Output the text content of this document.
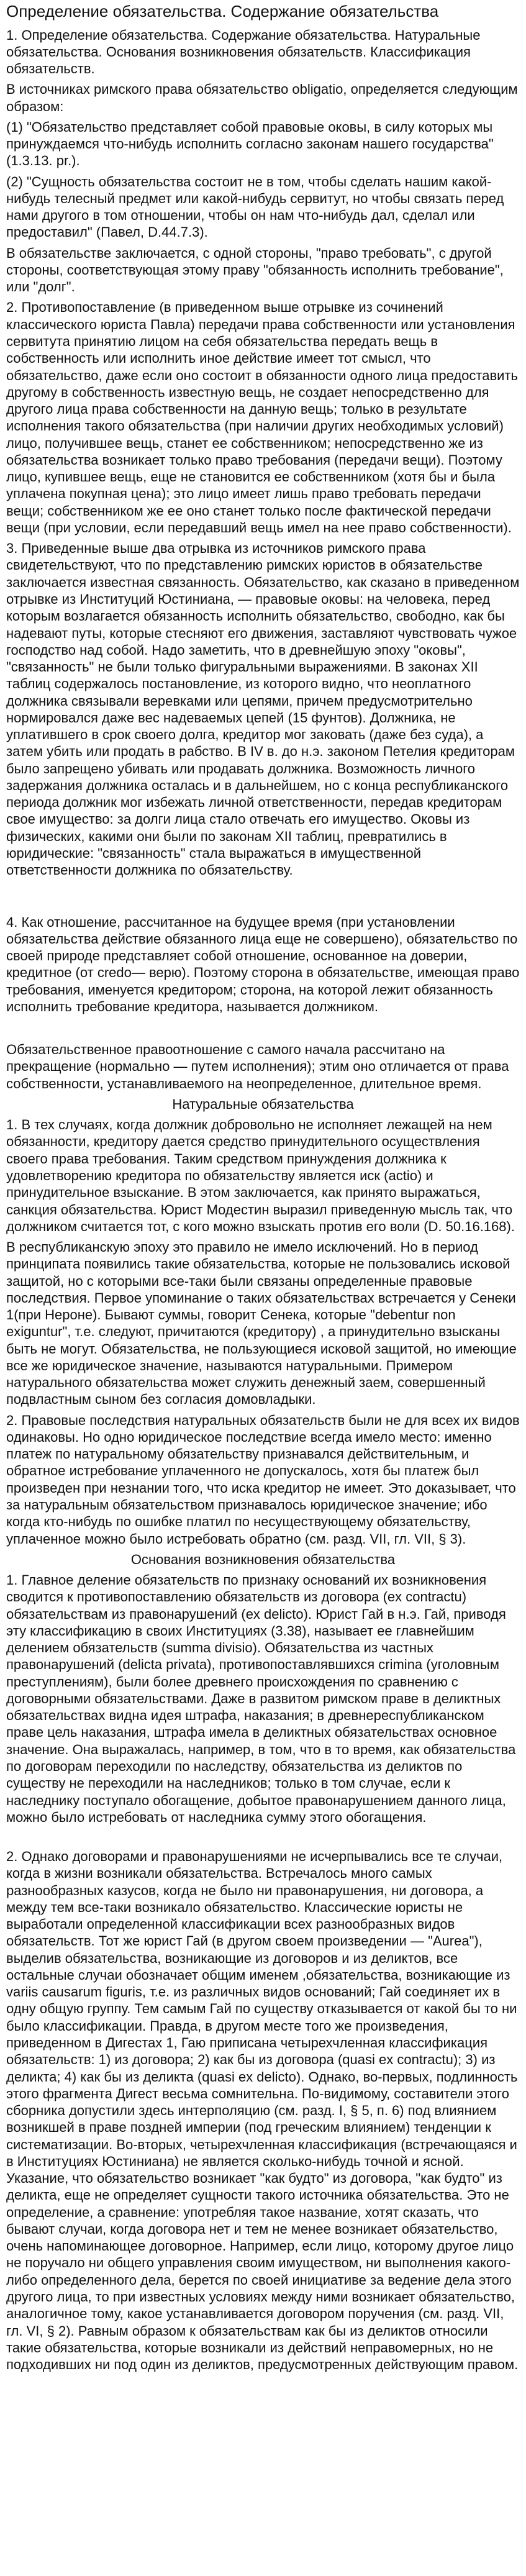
Определение обязательства. Содержание обязательства
1. Определение обязательства. Содержание обязательства. Натуральные обязательства. Основания возникновения обязательств. Классификация обязательств.
В источниках римского права обязательство obligatio, определяется следующим образом:
(1) "Обязательство представляет собой правовые оковы, в силу которых мы принуждаемся что-нибудь исполнить согласно законам нашего государства" (1.3.13. pr.).
(2) "Сущность обязательства состоит не в том, чтобы сделать нашим какой-нибудь телесный предмет или какой-нибудь сервитут, но чтобы связать перед нами другого в том отношении, чтобы он нам что-нибудь дал, сделал или предоставил" (Павел, D.44.7.3).
В обязательстве заключается, с одной стороны, "право требовать", с другой стороны, соответствующая этому праву "обязанность исполнить требование", или "долг".
2. Противопоставление (в приведенном выше отрывке из сочинений классического юриста Павла) передачи права собственности или установления сервитута принятию лицом на себя обязательства передать вещь в собственность или исполнить иное действие имеет тот смысл, что обязательство, даже если оно состоит в обязанности одного лица предоставить другому в собственность известную вещь, не создает непосредственно для другого лица права собственности на данную вещь; только в результате исполнения такого обязательства (при наличии других необходимых условий) лицо, получившее вещь, станет ее собственником; непосредственно же из обязательства возникает только право требования (передачи вещи). Поэтому лицо, купившее вещь, еще не становится ее собственником (хотя бы и была уплачена покупная цена); это лицо имеет лишь право требовать передачи вещи; собственником же ее оно станет только после фактической передачи вещи (при условии, если передавший вещь имел на нее право собственности).
3. Приведенные выше два отрывка из источников римского права свидетельствуют, что по представлению римских юристов в обязательстве заключается известная связанность. Обязательство, как сказано в приведенном отрывке из Институций Юстиниана, — правовые оковы: на человека, перед которым возлагается обязанность исполнить обязательство, свободно, как бы надевают путы, которые стесняют его движения, заставляют чувствовать чужое господство над собой. Надо заметить, что в древнейшую эпоху "оковы", "связанность" не были только фигуральными выражениями. В законах XII таблиц содержалось постановление, из которого видно, что неоплатного должника связывали веревками или цепями, причем предусмотрительно нормировался даже вес надеваемых цепей (15 фунтов). Должника, не уплатившего в срок своего долга, кредитор мог заковать (даже без суда), а затем убить или продать в рабство. В IV в. до н.э. законом Петелия кредиторам было запрещено убивать или продавать должника. Возможность личного задержания должника осталась и в дальнейшем, но с конца республиканского периода должник мог избежать личной ответственности, передав кредиторам свое имущество: за долги лица стало отвечать его имущество. Оковы из физических, какими они были по законам XII таблиц, превратились в юридические: "связанность" стала выражаться в имущественной ответственности должника по обязательству.
4. Как отношение, рассчитанное на будущее время (при установлении обязательства действие обязанного лица еще не совершено), обязательство по своей природе представляет собой отношение, основанное на доверии, кредитное (от credo— верю). Поэтому сторона в обязательстве, имеющая право требования, именуется кредитором; сторона, на которой лежит обязанность исполнить требование кредитора, называется должником.
Обязательственное правоотношение с самого начала рассчитано на прекращение (нормально — путем исполнения); этим оно отличается от права собственности, устанавливаемого на неопределенное, длительное время.
Натуральные обязательства
1. В тех случаях, когда должник добровольно не исполняет лежащей на нем обязанности, кредитору дается средство принудительного осуществления своего права требования. Таким средством принуждения должника к удовлетворению кредитора по обязательству является иск (actio) и принудительное взыскание. В этом заключается, как принято выражаться, санкция обязательства. Юрист Модестин выразил приведенную мысль так, что должником считается тот, с кого можно взыскать против его воли (D. 50.16.168).
В республиканскую эпоху это правило не имело исключений. Но в период принципата появились такие обязательства, которые не пользовались исковой защитой, но с которыми все-таки были связаны определенные правовые последствия. Первое упоминание о таких обязательствах встречается у Сенеки 1(при Нероне). Бывают суммы, говорит Сенека, которые "debentur non exiguntur", т.е. следуют, причитаются (кредитору) , а принудительно взысканы быть не могут. Обязательства, не пользующиеся исковой защитой, но имеющие все же юридическое значение, называются натуральными. Примером натурального обязательства может служить денежный заем, совершенный подвластным сыном без согласия домовладыки.
2. Правовые последствия натуральных обязательств были не для всех их видов одинаковы. Но одно юридическое последствие всегда имело место: именно платеж по натуральному обязательству признавался действительным, и обратное истребование уплаченного не допускалось, хотя бы платеж был произведен при незнании того, что иска кредитор не имеет. Это доказывает, что за натуральным обязательством признавалось юридическое значение; ибо когда кто-нибудь по ошибке платил по несуществующему обязательству, уплаченное можно было истребовать обратно (см. разд. VII, гл. VII, § 3).
Основания возникновения обязательства
1. Главное деление обязательств по признаку оснований их возникновения сводится к противопоставлению обязательств из договора (ex contractu) обязательствам из правонарушений (ex delicto). Юрист Гай в н.э. Гай, приводя эту классификацию в своих Институциях (3.38), называет ее главнейшим делением обязательств (summa divisio). Обязательства из частных правонарушений (delicta privata), противопоставлявшихся crimina (уголовным преступлениям), были более древнего происхождения по сравнению с договорными обязательствами. Даже в развитом римском праве в деликтных обязательствах видна идея штрафа, наказания; в древнереспубликанском праве цель наказания, штрафа имела в деликтных обязательствах основное значение. Она выражалась, например, в том, что в то время, как обязательства по договорам переходили по наследству, обязательства из деликтов по существу не переходили на наследников; только в том случае, если к наследнику поступало обогащение, добытое правонарушением данного лица, можно было истребовать от наследника сумму этого обогащения.
2. Однако договорами и правонарушениями не исчерпывались все те случаи, когда в жизни возникали обязательства. Встречалось много самых разнообразных казусов, когда не было ни правонарушения, ни договора, а между тем все-таки возникало обязательство. Классические юристы не выработали определенной классификации всех разнообразных видов обязательств. Тот же юрист Гай (в другом своем произведении — "Aurea"), выделив обязательства, возникающие из договоров и из деликтов, все остальные случаи обозначает общим именем ,обязательства, возникающие из variis causarum figuris, т.е. из различных видов оснований; Гай соединяет их в одну общую группу. Тем самым Гай по существу отказывается от какой бы то ни было классификации. Правда, в другом месте того же произведения, приведенном в Дигестах 1, Гаю приписана четырехчленная классификация обязательств: 1) из договора; 2) как бы из договора (quasi ex contractu); 3) из деликта; 4) как бы из деликта (quasi ex delicto). Однако, во-первых, подлинность этого фрагмента Дигест весьма сомнительна. По-видимому, составители этого сборника допустили здесь интерполяцию (см. разд. I, § 5, п. 6) под влиянием возникшей в праве поздней империи (под греческим влиянием) тенденции к систематизации. Во-вторых, четырехчленная классификация (встречающаяся и в Институциях Юстиниана) не является сколько-нибудь точной и ясной. Указание, что обязательство возникает "как будто" из договора, "как будто" из деликта, еще не определяет сущности такого источника обязательства. Это не определение, а сравнение: употребляя такое название, хотят сказать, что бывают случаи, когда договора нет и тем не менее возникает обязательство, очень напоминающее договорное. Например, если лицо, которому другое лицо не поручало ни общего управления своим имуществом, ни выполнения какого-либо определенного дела, берется по своей инициативе за ведение дела этого другого лица, то при известных условиях между ними возникает обязательство, аналогичное тому, какое устанавливается договором поручения (см. разд. VII, гл. VI, § 2). Равным образом к обязательствам как бы из деликтов относили такие обязательства, которые возникали из действий неправомерных, но не подходивших ни под один из деликтов, предусмотренных действующим правом.
